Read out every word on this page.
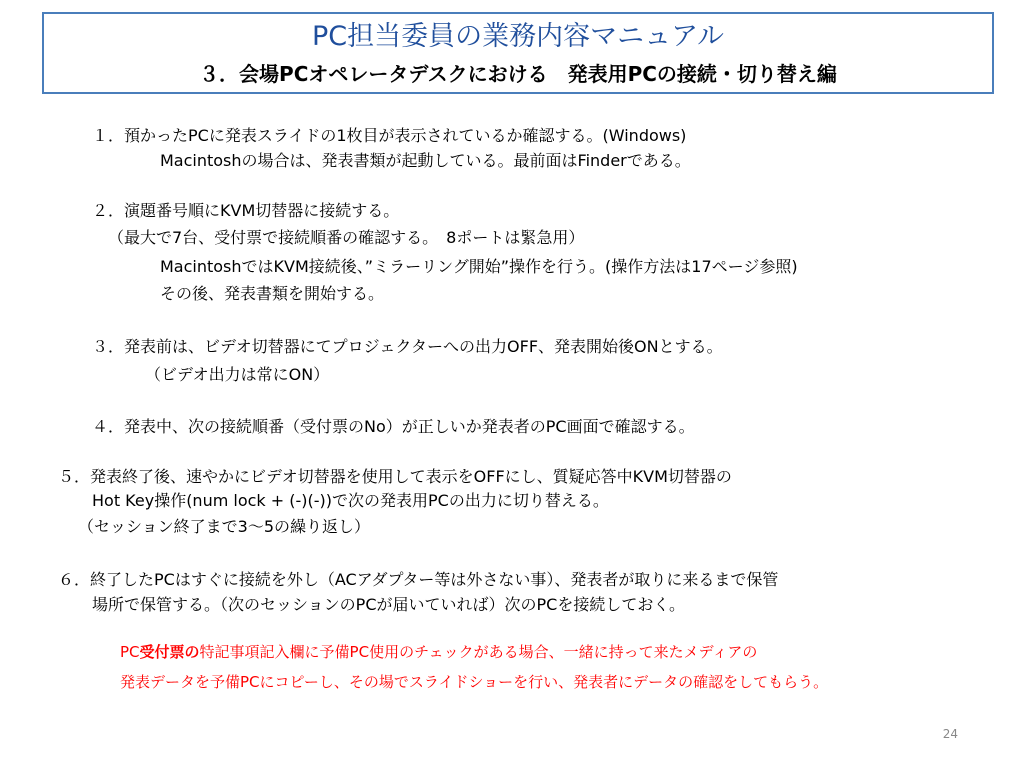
PC担当委員の業務内容マニュアル
３．会場PCオペレータデスクにおける　発表用PCの接続・切り替え編
１．預かったPCに発表スライドの1枚目が表示されているか確認する。(Windows)
Macintoshの場合は、発表書類が起動している。最前面はFinderである。
２．演題番号順にKVM切替器に接続する。
（最大で7台、受付票で接続順番の確認する。　8ポートは緊急用）
MacintoshではKVM接続後、”ミラーリング開始”操作を行う。(操作方法は17ページ参照)
その後、発表書類を開始する。
３．発表前は、ビデオ切替器にてプロジェクターへの出力OFF、発表開始後ONとする。
（ビデオ出力は常にON）
４．発表中、次の接続順番（受付票のNo）が正しいか発表者のPC画面で確認する。
５．発表終了後、速やかにビデオ切替器を使用して表示をOFFにし、質疑応答中KVM切替器の
Hot Key操作(num lock + (-)(-))で次の発表用PCの出力に切り替える。
（セッション終了まで3〜5の繰り返し）
６．終了したPCはすぐに接続を外し（ACアダプター等は外さない事）、発表者が取りに来るまで保管
場所で保管する。（次のセッションのPCが届いていれば）次のPCを接続しておく。
PC受付票の特記事項記入欄に予備PC使用のチェックがある場合、一緒に持って来たメディアの
発表データを予備PCにコピーし、その場でスライドショーを行い、発表者にデータの確認をしてもらう。
24
